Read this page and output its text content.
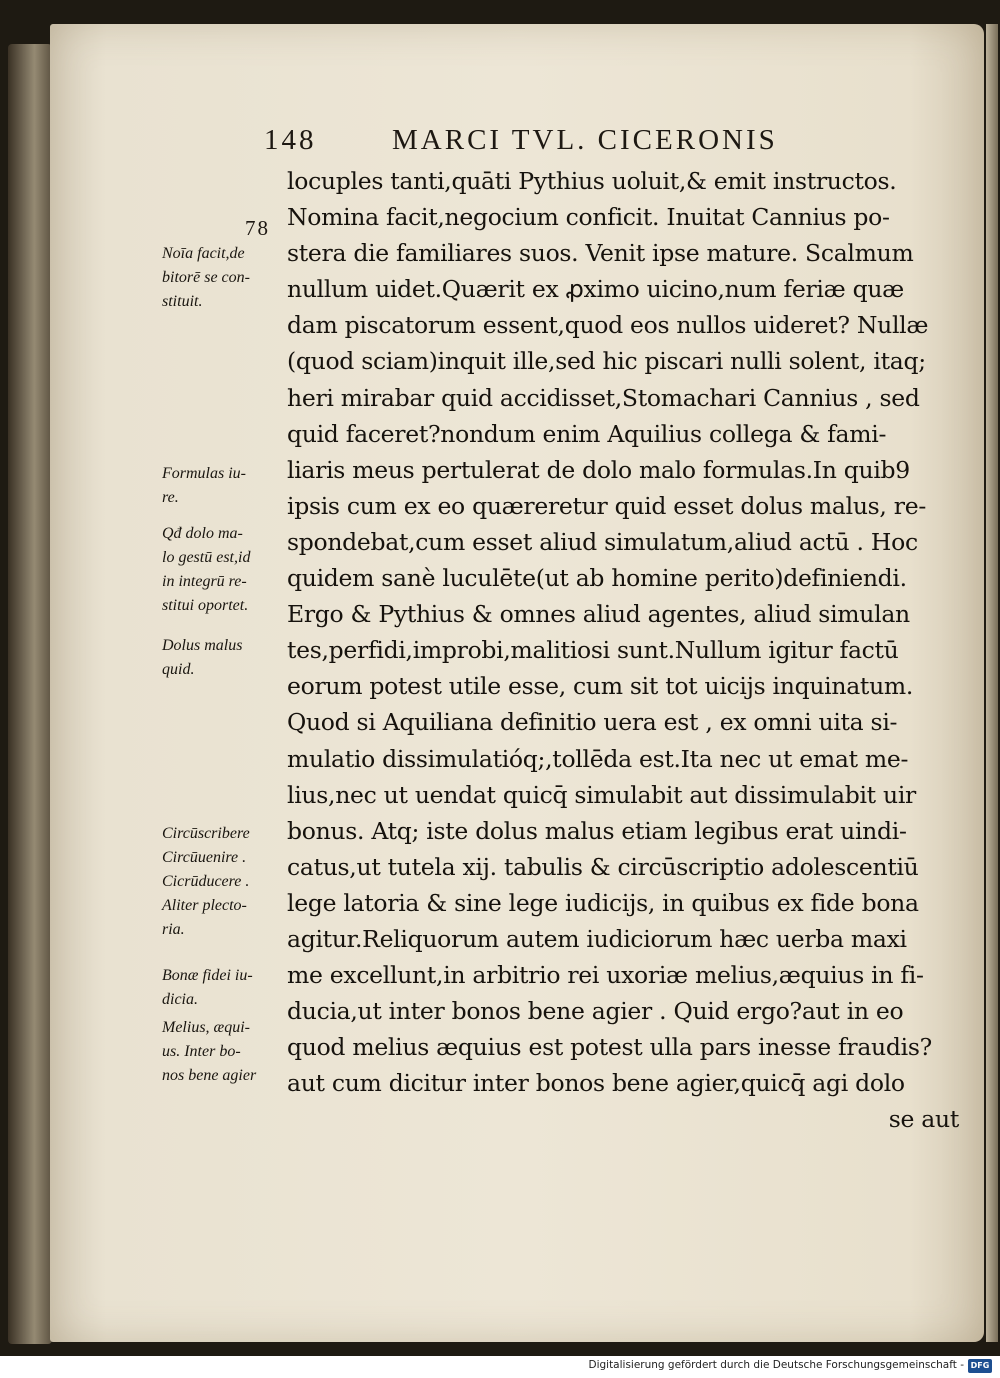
148	MARCI TVL. CICERONIS
78
locuples tanti,quāti Pythius uoluit,& emit instructos.
Nomina facit,negocium conficit. Inuitat Cannius po-
stera die familiares suos. Venit ipse mature. Scalmum
nullum uidet.Quærit ex ꝓximo uicino,num feriæ quæ
dam piscatorum essent,quod eos nullos uideret? Nullæ
(quod sciam)inquit ille,sed hic piscari nulli solent, itaq;
heri mirabar quid accidisset,Stomachari Cannius , sed
quid faceret?nondum enim Aquilius collega & fami-
liaris meus pertulerat de dolo malo formulas.In quib9
ipsis cum ex eo quæreretur quid esset dolus malus, re-
spondebat,cum esset aliud simulatum,aliud actū . Hoc
quidem sanè luculēte(ut ab homine perito)definiendi.
Ergo & Pythius & omnes aliud agentes, aliud simulan
tes,perfidi,improbi,malitiosi sunt.Nullum igitur factū
eorum potest utile esse, cum sit tot uicijs inquinatum.
Quod si Aquiliana definitio uera est , ex omni uita si-
mulatio dissimulatióq;,tollēda est.Ita nec ut emat me-
lius,nec ut uendat quicq̄ simulabit aut dissimulabit uir
bonus. Atq; iste dolus malus etiam legibus erat uindi-
catus,ut tutela xij. tabulis & circūscriptio adolescentiū
lege latoria & sine lege iudicijs, in quibus ex fide bona
agitur.Reliquorum autem iudiciorum hæc uerba maxi
me excellunt,in arbitrio rei uxoriæ melius,æquius in fi-
ducia,ut inter bonos bene agier . Quid ergo?aut in eo
quod melius æquius est potest ulla pars inesse fraudis?
aut cum dicitur inter bonos bene agier,quicq̄ agi dolo
se aut
Noīa facit,de
bitorē se con-
stituit.
Formulas iu-
re.
Qđ dolo ma-
lo gestū est,id
in integrū re-
stitui oportet.
Dolus malus
quid.
Circūscribere
Circūuenire .
Cicrūducere .
Aliter plecto-
ria.
Bonæ fidei iu-
dicia.
Melius, æqui-
us. Inter bo-
nos bene agier
Digitalisierung gefördert durch die Deutsche Forschungsgemeinschaft - DFG
